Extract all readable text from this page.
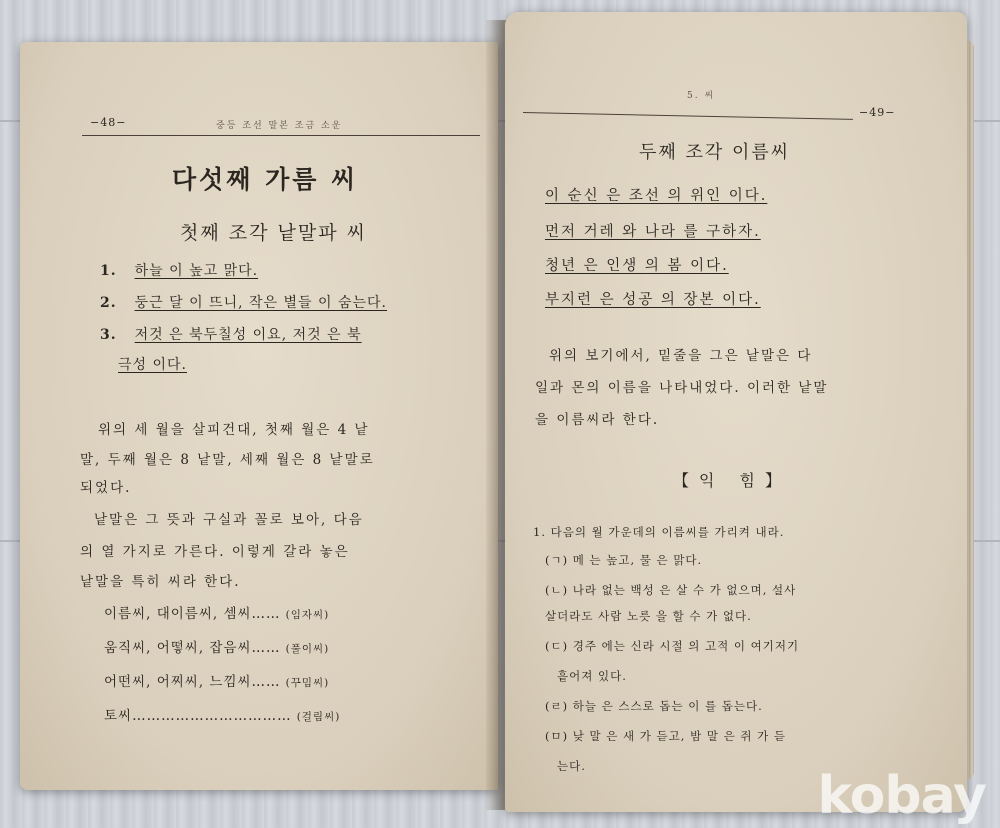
−48−	중등 조선 말본 조금 소운
다섯째 가름 씨
첫째 조각 낱말파 씨
1. 하늘 이 높고 맑다.
2. 둥근 달 이 뜨니, 작은 별들 이 숨는다.
3. 저것 은 북두칠성 이요, 저것 은 북
극성 이다.
위의 세 월을 살피건대, 첫째 월은 4 낱
말, 두째 월은 8 낱말, 세째 월은 8 낱말로
되었다.
낱말은 그 뜻과 구실과 꼴로 보아, 다음
의 열 가지로 가른다. 이렇게 갈라 놓은
낱말을 특히 씨라 한다.
이름씨, 대이름씨, 셈씨…… (임자씨)
움직씨, 어떻씨, 잡음씨…… (풀이씨)
어떤씨, 어찌씨, 느낌씨…… (꾸밈씨)
토씨…………………………… (걸림씨)
5. 씨
−49−
두째 조각 이름씨
이 순신 은 조선 의 위인 이다.
먼저 거레 와 나라 를 구하자.
청년 은 인생 의 봄 이다.
부지런 은 성공 의 장본 이다.
위의 보기에서, 밑줄을 그은 낱말은 다
일과 몬의 이름을 나타내었다. 이러한 낱말
을 이름씨라 한다.
【익 힘】
1. 다음의 월 가운데의 이름씨를 가리켜 내라.
(ㄱ) 메 는 높고, 물 은 맑다.
(ㄴ) 나라 없는 백성 은 살 수 가 없으며, 설사
살더라도 사람 노릇 을 할 수 가 없다.
(ㄷ) 경주 에는 신라 시절 의 고적 이 여기저기
흩어져 있다.
(ㄹ) 하늘 은 스스로 돕는 이 를 돕는다.
(ㅁ) 낮 말 은 새 가 듣고, 밤 말 은 쥐 가 듣
는다.	kobay
